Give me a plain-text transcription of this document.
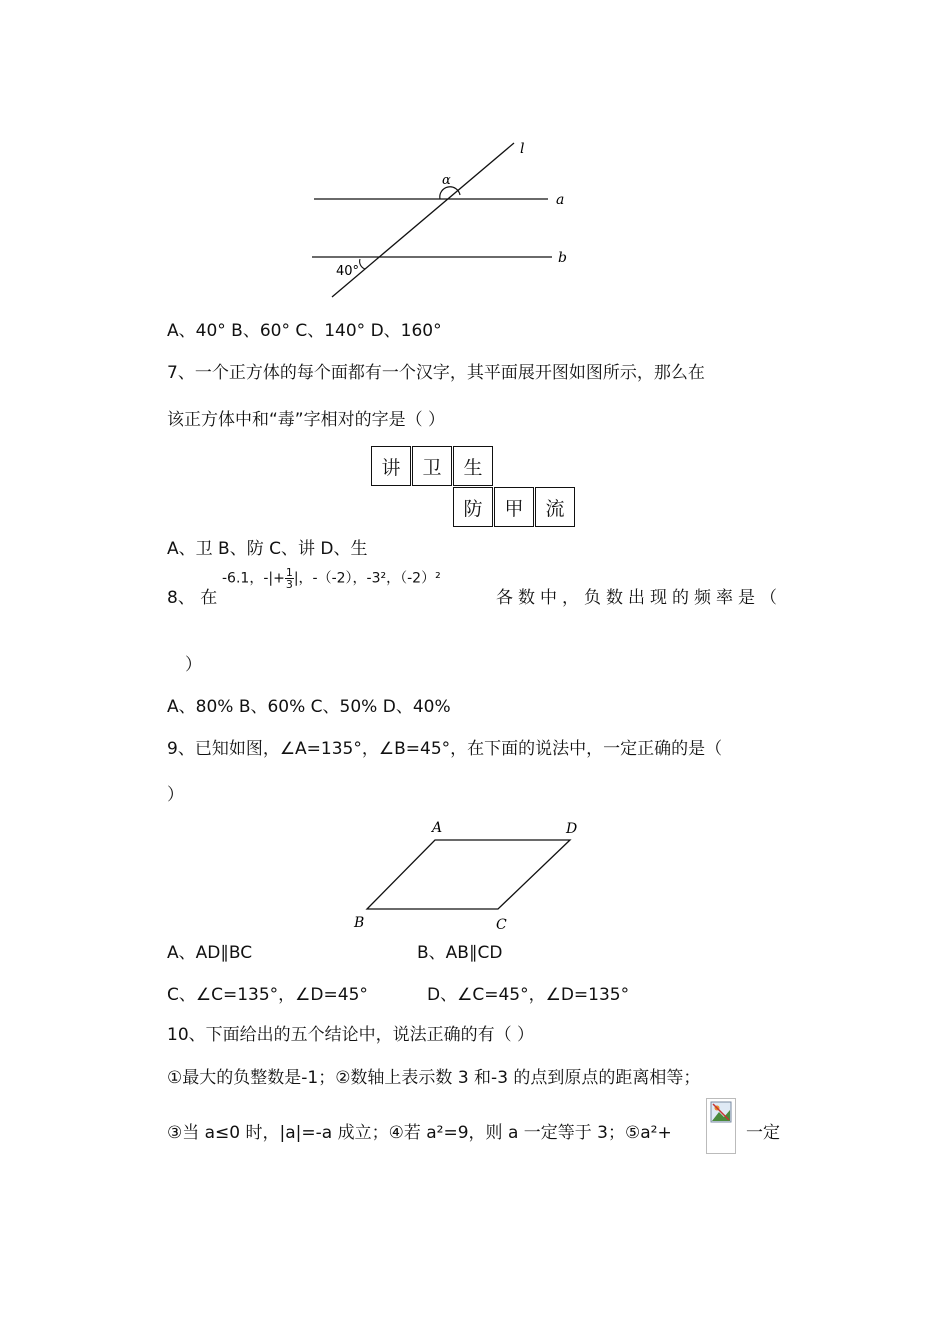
α
l
a
b
40°
A、40° B、60° C、140° D、160°
7、一个正方体的每个面都有一个汉字，其平面展开图如图所示，那么在
该正方体中和“毒”字相对的字是（ ）
讲	卫	生
防	甲	流
A、卫 B、防 C、讲 D、生
8、 在
-6.1，-|+ $\frac{1}{3}$ |，-（-2），-3²，（-2）²
各数中，负数出现的频率是（
）
A、80% B、60% C、50% D、40%
9、已知如图，∠A=135°，∠B=45°，在下面的说法中，一定正确的是（
）
A	D
B	C
A、AD∥BC	B、AB∥CD
C、∠C=135°，∠D=45°	D、∠C=45°，∠D=135°
10、下面给出的五个结论中，说法正确的有（ ）
①最大的负整数是-1；②数轴上表示数 3 和-3 的点到原点的距离相等；
③当 a≤0 时，|a|=-a 成立；④若 a²=9，则 a 一定等于 3；⑤a²+	一定
